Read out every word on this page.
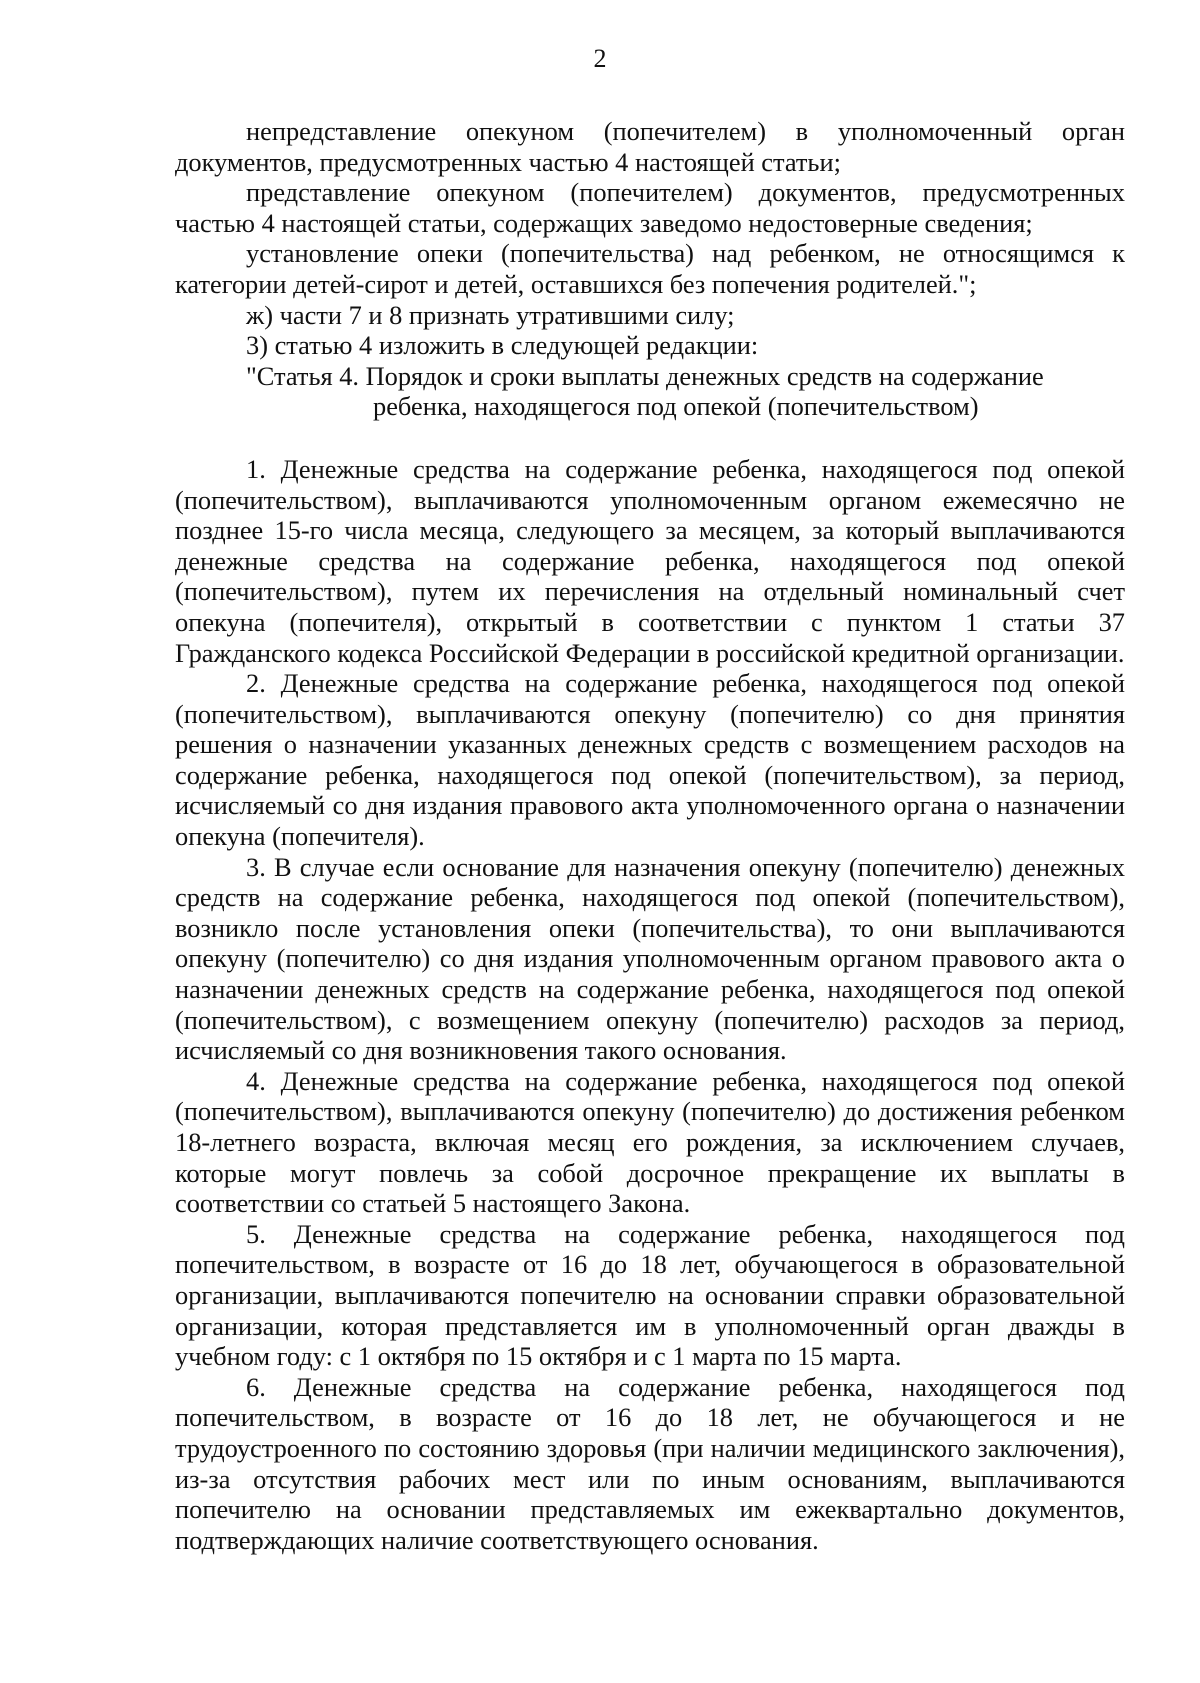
2

непредставление опекуном (попечителем) в уполномоченный орган документов, предусмотренных частью 4 настоящей статьи;

представление опекуном (попечителем) документов, предусмотренных частью 4 настоящей статьи, содержащих заведомо недостоверные сведения;

установление опеки (попечительства) над ребенком, не относящимся к категории детей-сирот и детей, оставшихся без попечения родителей.";

ж) части 7 и 8 признать утратившими силу;

3) статью 4 изложить в следующей редакции:

"Статья 4. Порядок и сроки выплаты денежных средств на содержание
ребенка, находящегося под опекой (попечительством)

1. Денежные средства на содержание ребенка, находящегося под опекой (попечительством), выплачиваются уполномоченным органом ежемесячно не позднее 15-го числа месяца, следующего за месяцем, за который выплачиваются денежные средства на содержание ребенка, находящегося под опекой (попечительством), путем их перечисления на отдельный номинальный счет опекуна (попечителя), открытый в соответствии с пунктом 1 статьи 37 Гражданского кодекса Российской Федерации в российской кредитной организации.

2. Денежные средства на содержание ребенка, находящегося под опекой (попечительством), выплачиваются опекуну (попечителю) со дня принятия решения о назначении указанных денежных средств с возмещением расходов на содержание ребенка, находящегося под опекой (попечительством), за период, исчисляемый со дня издания правового акта уполномоченного органа о назначении опекуна (попечителя).

3. В случае если основание для назначения опекуну (попечителю) денежных средств на содержание ребенка, находящегося под опекой (попечительством), возникло после установления опеки (попечительства), то они выплачиваются опекуну (попечителю) со дня издания уполномоченным органом правового акта о назначении денежных средств на содержание ребенка, находящегося под опекой (попечительством), с возмещением опекуну (попечителю) расходов за период, исчисляемый со дня возникновения такого основания.

4. Денежные средства на содержание ребенка, находящегося под опекой (попечительством), выплачиваются опекуну (попечителю) до достижения ребенком 18-летнего возраста, включая месяц его рождения, за исключением случаев, которые могут повлечь за собой досрочное прекращение их выплаты в соответствии со статьей 5 настоящего Закона.

5. Денежные средства на содержание ребенка, находящегося под попечительством, в возрасте от 16 до 18 лет, обучающегося в образовательной организации, выплачиваются попечителю на основании справки образовательной организации, которая представляется им в уполномоченный орган дважды в учебном году: с 1 октября по 15 октября и с 1 марта по 15 марта.

6. Денежные средства на содержание ребенка, находящегося под попечительством, в возрасте от 16 до 18 лет, не обучающегося и не трудоустроенного по состоянию здоровья (при наличии медицинского заключения), из-за отсутствия рабочих мест или по иным основаниям, выплачиваются попечителю на основании представляемых им ежеквартально документов, подтверждающих наличие соответствующего основания.
